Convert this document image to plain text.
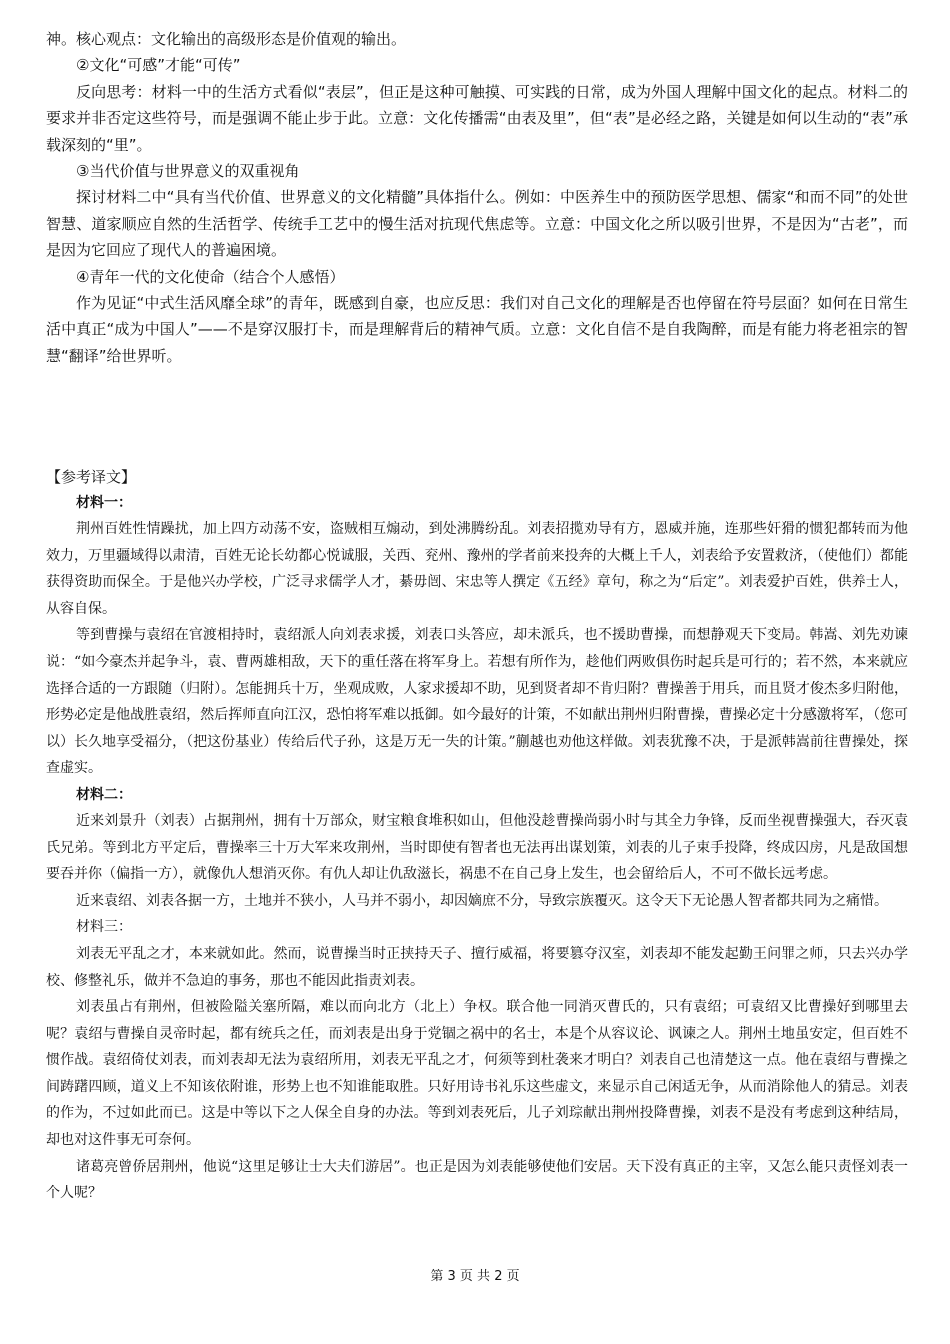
神。核心观点：文化输出的高级形态是价值观的输出。

②文化“可感”才能“可传”

反向思考：材料一中的生活方式看似“表层”，但正是这种可触摸、可实践的日常，成为外国人理解中国文化的起点。材料二的要求并非否定这些符号，而是强调不能止步于此。立意：文化传播需“由表及里”，但“表”是必经之路，关键是如何以生动的“表”承载深刻的“里”。

③当代价值与世界意义的双重视角

探讨材料二中“具有当代价值、世界意义的文化精髓”具体指什么。例如：中医养生中的预防医学思想、儒家“和而不同”的处世智慧、道家顺应自然的生活哲学、传统手工艺中的慢生活对抗现代焦虑等。立意：中国文化之所以吸引世界，不是因为“古老”，而是因为它回应了现代人的普遍困境。

④青年一代的文化使命（结合个人感悟）

作为见证“中式生活风靡全球”的青年，既感到自豪，也应反思：我们对自己文化的理解是否也停留在符号层面？如何在日常生活中真正“成为中国人”——不是穿汉服打卡，而是理解背后的精神气质。立意：文化自信不是自我陶醉，而是有能力将老祖宗的智慧“翻译”给世界听。

【参考译文】

材料一：

荆州百姓性情躁扰，加上四方动荡不安，盗贼相互煽动，到处沸腾纷乱。刘表招揽劝导有方，恩威并施，连那些奸猾的惯犯都转而为他效力，万里疆域得以肃清，百姓无论长幼都心悦诚服，关西、兖州、豫州的学者前来投奔的大概上千人，刘表给予安置救济，（使他们）都能获得资助而保全。于是他兴办学校，广泛寻求儒学人才，綦毋闿、宋忠等人撰定《五经》章句，称之为“后定”。刘表爱护百姓，供养士人，从容自保。

等到曹操与袁绍在官渡相持时，袁绍派人向刘表求援，刘表口头答应，却未派兵，也不援助曹操，而想静观天下变局。韩嵩、刘先劝谏说：“如今豪杰并起争斗，袁、曹两雄相敌，天下的重任落在将军身上。若想有所作为，趁他们两败俱伤时起兵是可行的；若不然，本来就应选择合适的一方跟随（归附）。怎能拥兵十万，坐观成败，人家求援却不助，见到贤者却不肯归附？曹操善于用兵，而且贤才俊杰多归附他，形势必定是他战胜袁绍，然后挥师直向江汉，恐怕将军难以抵御。如今最好的计策，不如献出荆州归附曹操，曹操必定十分感激将军，（您可以）长久地享受福分，（把这份基业）传给后代子孙，这是万无一失的计策。”蒯越也劝他这样做。刘表犹豫不决，于是派韩嵩前往曹操处，探查虚实。

材料二：

近来刘景升（刘表）占据荆州，拥有十万部众，财宝粮食堆积如山，但他没趁曹操尚弱小时与其全力争锋，反而坐视曹操强大，吞灭袁氏兄弟。等到北方平定后，曹操率三十万大军来攻荆州，当时即使有智者也无法再出谋划策，刘表的儿子束手投降，终成囚房，凡是敌国想要吞并你（偏指一方），就像仇人想消灭你。有仇人却让仇敌滋长，祸患不在自己身上发生，也会留给后人，不可不做长远考虑。

近来袁绍、刘表各据一方，土地并不狭小，人马并不弱小，却因嫡庶不分，导致宗族覆灭。这令天下无论愚人智者都共同为之痛惜。

材料三：

刘表无平乱之才，本来就如此。然而，说曹操当时正挟持天子、擅行威福，将要篡夺汉室，刘表却不能发起勤王问罪之师，只去兴办学校、修整礼乐，做并不急迫的事务，那也不能因此指责刘表。

刘表虽占有荆州，但被险隘关塞所隔，难以而向北方（北上）争权。联合他一同消灭曹氏的，只有袁绍；可袁绍又比曹操好到哪里去呢？袁绍与曹操自灵帝时起，都有统兵之任，而刘表是出身于党锢之祸中的名士，本是个从容议论、讽谏之人。荆州土地虽安定，但百姓不惯作战。袁绍倚仗刘表，而刘表却无法为袁绍所用，刘表无平乱之才，何须等到杜袭来才明白？刘表自己也清楚这一点。他在袁绍与曹操之间踌躇四顾，道义上不知该依附谁，形势上也不知谁能取胜。只好用诗书礼乐这些虚文，来显示自己闲适无争，从而消除他人的猜忌。刘表的作为，不过如此而已。这是中等以下之人保全自身的办法。等到刘表死后，儿子刘琮献出荆州投降曹操，刘表不是没有考虑到这种结局，却也对这件事无可奈何。

诸葛亮曾侨居荆州，他说“这里足够让士大夫们游居”。也正是因为刘表能够使他们安居。天下没有真正的主宰，又怎么能只责怪刘表一个人呢？

第 3 页 共 2 页
